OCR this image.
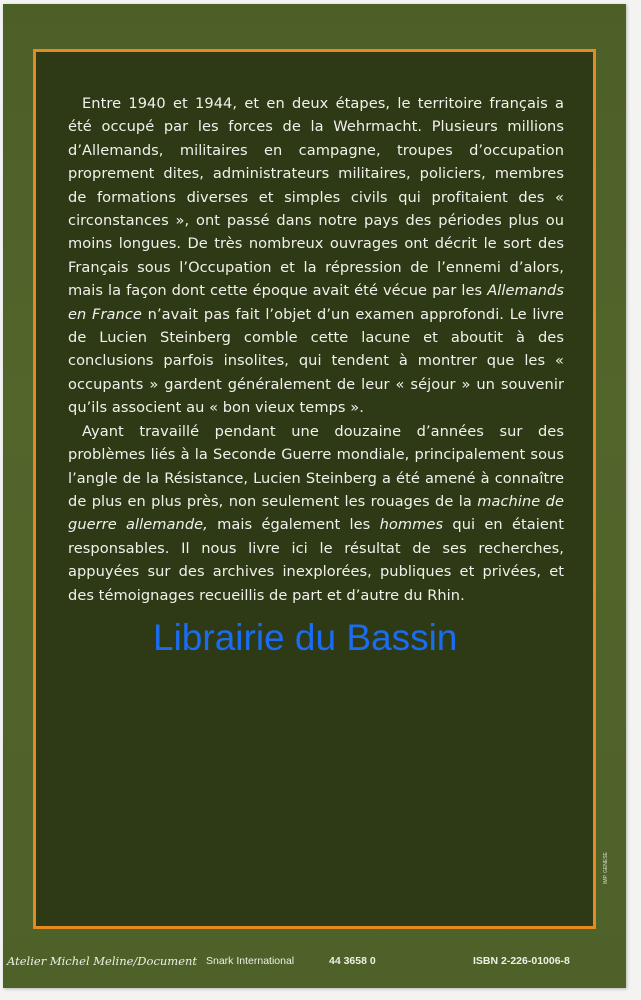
Entre 1940 et 1944, et en deux étapes, le territoire français a été occupé par les forces de la Wehrmacht. Plusieurs millions d’Allemands, militaires en campagne, troupes d’occupation proprement dites, administrateurs militaires, policiers, membres de formations diverses et simples civils qui profitaient des « circonstances », ont passé dans notre pays des périodes plus ou moins longues. De très nombreux ouvrages ont décrit le sort des Français sous l’Occupation et la répression de l’ennemi d’alors, mais la façon dont cette époque avait été vécue par les Allemands en France n’avait pas fait l’objet d’un examen approfondi. Le livre de Lucien Steinberg comble cette lacune et aboutit à des conclusions parfois insolites, qui tendent à montrer que les « occupants » gardent généralement de leur « séjour » un souvenir qu’ils associent au « bon vieux temps ».

Ayant travaillé pendant une douzaine d’années sur des problèmes liés à la Seconde Guerre mondiale, principalement sous l’angle de la Résistance, Lucien Steinberg a été amené à connaître de plus en plus près, non seulement les rouages de la machine de guerre allemande, mais également les hommes qui en étaient responsables. Il nous livre ici le résultat de ses recherches, appuyées sur des archives inexplorées, publiques et privées, et des témoignages recueillis de part et d’autre du Rhin.

Librairie du Bassin
IMP. GENESE
Atelier Michel Meline/Document Snark International	44 3658 0	ISBN 2-226-01006-8
